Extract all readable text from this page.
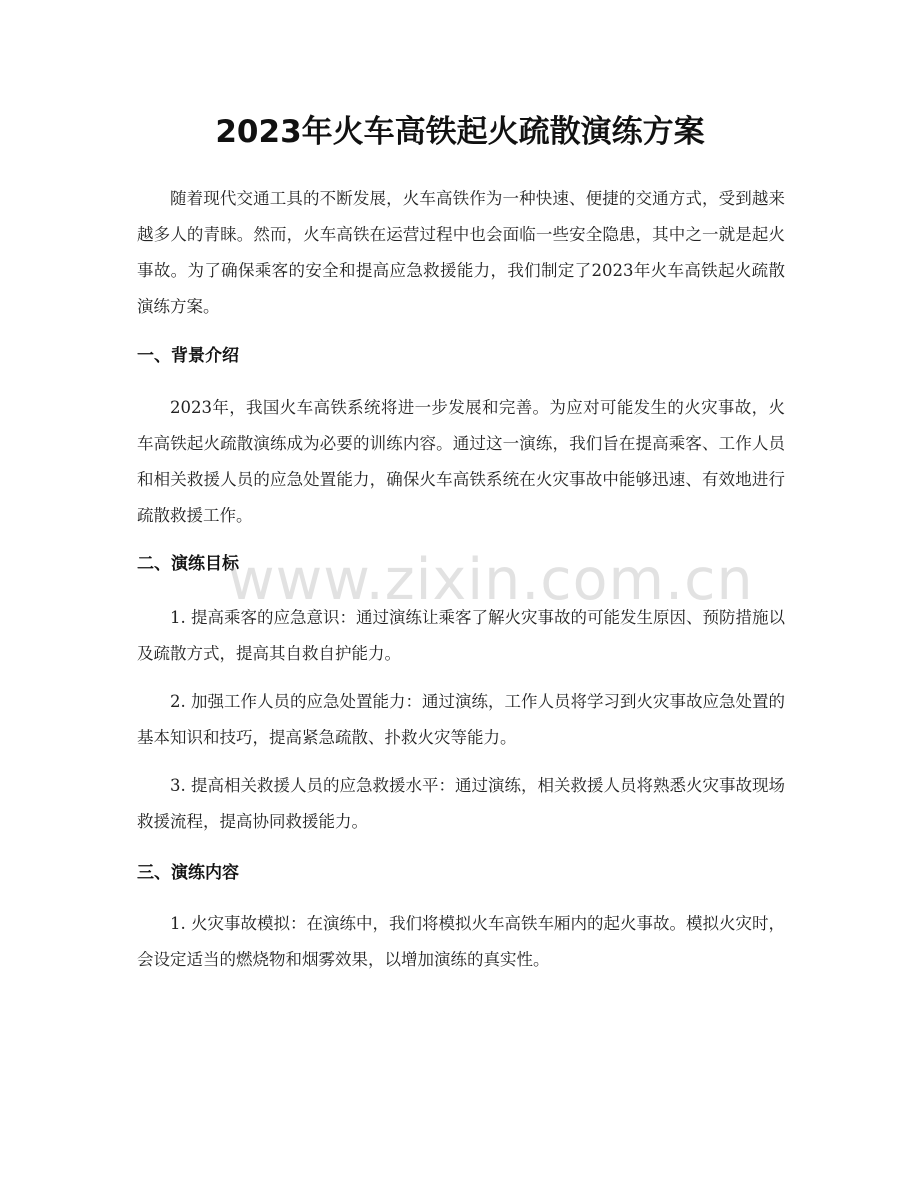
2023年火车高铁起火疏散演练方案

随着现代交通工具的不断发展，火车高铁作为一种快速、便捷的交通方式，受到越来越多人的青睐。然而，火车高铁在运营过程中也会面临一些安全隐患，其中之一就是起火事故。为了确保乘客的安全和提高应急救援能力，我们制定了2023年火车高铁起火疏散演练方案。

一、背景介绍

2023年，我国火车高铁系统将进一步发展和完善。为应对可能发生的火灾事故，火车高铁起火疏散演练成为必要的训练内容。通过这一演练，我们旨在提高乘客、工作人员和相关救援人员的应急处置能力，确保火车高铁系统在火灾事故中能够迅速、有效地进行疏散救援工作。

二、演练目标

1. 提高乘客的应急意识：通过演练让乘客了解火灾事故的可能发生原因、预防措施以及疏散方式，提高其自救自护能力。

2. 加强工作人员的应急处置能力：通过演练，工作人员将学习到火灾事故应急处置的基本知识和技巧，提高紧急疏散、扑救火灾等能力。

3. 提高相关救援人员的应急救援水平：通过演练，相关救援人员将熟悉火灾事故现场救援流程，提高协同救援能力。

三、演练内容

1. 火灾事故模拟：在演练中，我们将模拟火车高铁车厢内的起火事故。模拟火灾时，会设定适当的燃烧物和烟雾效果，以增加演练的真实性。

www.zixin.com.cn
